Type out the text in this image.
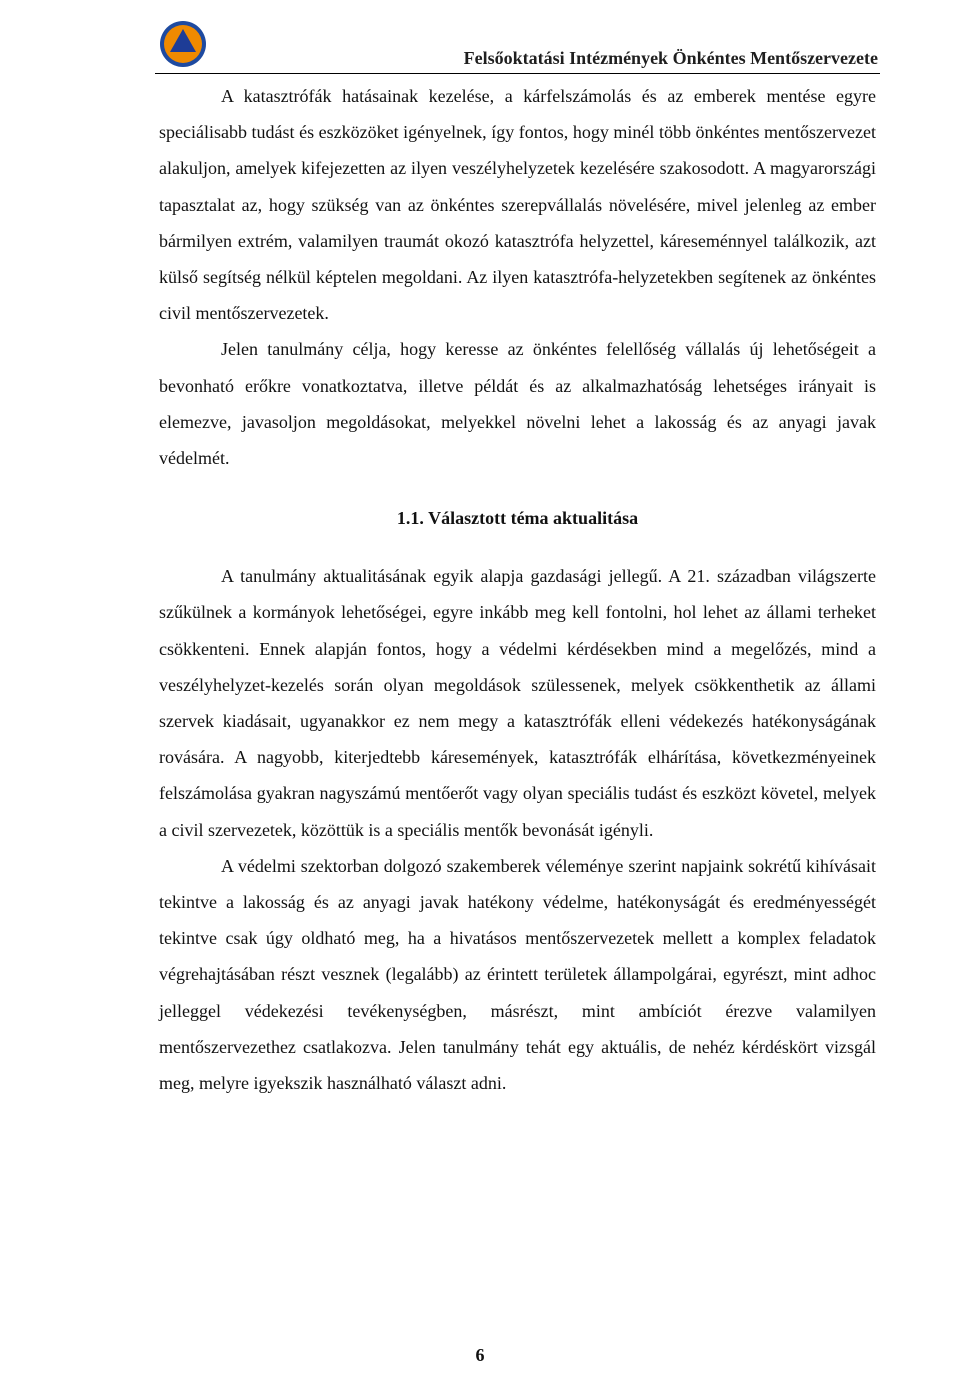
Felsőoktatási Intézmények Önkéntes Mentőszervezete

A katasztrófák hatásainak kezelése, a kárfelszámolás és az emberek mentése egyre speciálisabb tudást és eszközöket igényelnek, így fontos, hogy minél több önkéntes mentőszervezet alakuljon, amelyek kifejezetten az ilyen veszélyhelyzetek kezelésére szakosodott. A magyarországi tapasztalat az, hogy szükség van az önkéntes szerepvállalás növelésére, mivel jelenleg az ember bármilyen extrém, valamilyen traumát okozó katasztrófa helyzettel, káreseménnyel találkozik, azt külső segítség nélkül képtelen megoldani. Az ilyen katasztrófa-helyzetekben segítenek az önkéntes civil mentőszervezetek.

Jelen tanulmány célja, hogy keresse az önkéntes felellőség vállalás új lehetőségeit a bevonható erőkre vonatkoztatva, illetve példát és az alkalmazhatóság lehetséges irányait is elemezve, javasoljon megoldásokat, melyekkel növelni lehet a lakosság és az anyagi javak védelmét.

1.1. Választott téma aktualitása

A tanulmány aktualitásának egyik alapja gazdasági jellegű. A 21. században világszerte szűkülnek a kormányok lehetőségei, egyre inkább meg kell fontolni, hol lehet az állami terheket csökkenteni. Ennek alapján fontos, hogy a védelmi kérdésekben mind a megelőzés, mind a veszélyhelyzet-kezelés során olyan megoldások szülessenek, melyek csökkenthetik az állami szervek kiadásait, ugyanakkor ez nem megy a katasztrófák elleni védekezés hatékonyságának rovására. A nagyobb, kiterjedtebb káresemények, katasztrófák elhárítása, következményeinek felszámolása gyakran nagyszámú mentőerőt vagy olyan speciális tudást és eszközt követel, melyek a civil szervezetek, közöttük is a speciális mentők bevonását igényli.

A védelmi szektorban dolgozó szakemberek véleménye szerint napjaink sokrétű kihívásait tekintve a lakosság és az anyagi javak hatékony védelme, hatékonyságát és eredményességét tekintve csak úgy oldható meg, ha a hivatásos mentőszervezetek mellett a komplex feladatok végrehajtásában részt vesznek (legalább) az érintett területek állampolgárai, egyrészt, mint adhoc jelleggel védekezési tevékenységben, másrészt, mint ambíciót érezve valamilyen mentőszervezethez csatlakozva. Jelen tanulmány tehát egy aktuális, de nehéz kérdéskört vizsgál meg, melyre igyekszik használható választ adni.

6
